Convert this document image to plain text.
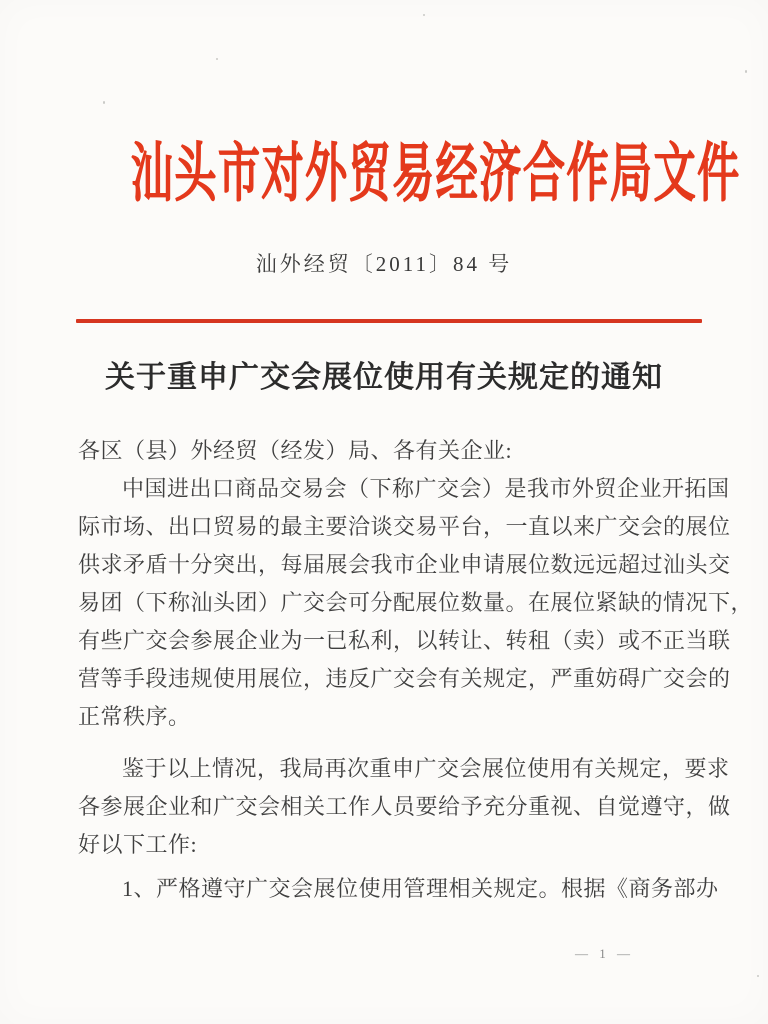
汕头市对外贸易经济合作局文件
汕外经贸〔2011〕84 号
关于重申广交会展位使用有关规定的通知
各区（县）外经贸（经发）局、各有关企业:
中国进出口商品交易会（下称广交会）是我市外贸企业开拓国
际市场、出口贸易的最主要洽谈交易平台，一直以来广交会的展位
供求矛盾十分突出，每届展会我市企业申请展位数远远超过汕头交
易团（下称汕头团）广交会可分配展位数量。在展位紧缺的情况下，
有些广交会参展企业为一已私利，以转让、转租（卖）或不正当联
营等手段违规使用展位，违反广交会有关规定，严重妨碍广交会的
正常秩序。
鉴于以上情况，我局再次重申广交会展位使用有关规定，要求
各参展企业和广交会相关工作人员要给予充分重视、自觉遵守，做
好以下工作:
1、严格遵守广交会展位使用管理相关规定。根据《商务部办
— 1 —
